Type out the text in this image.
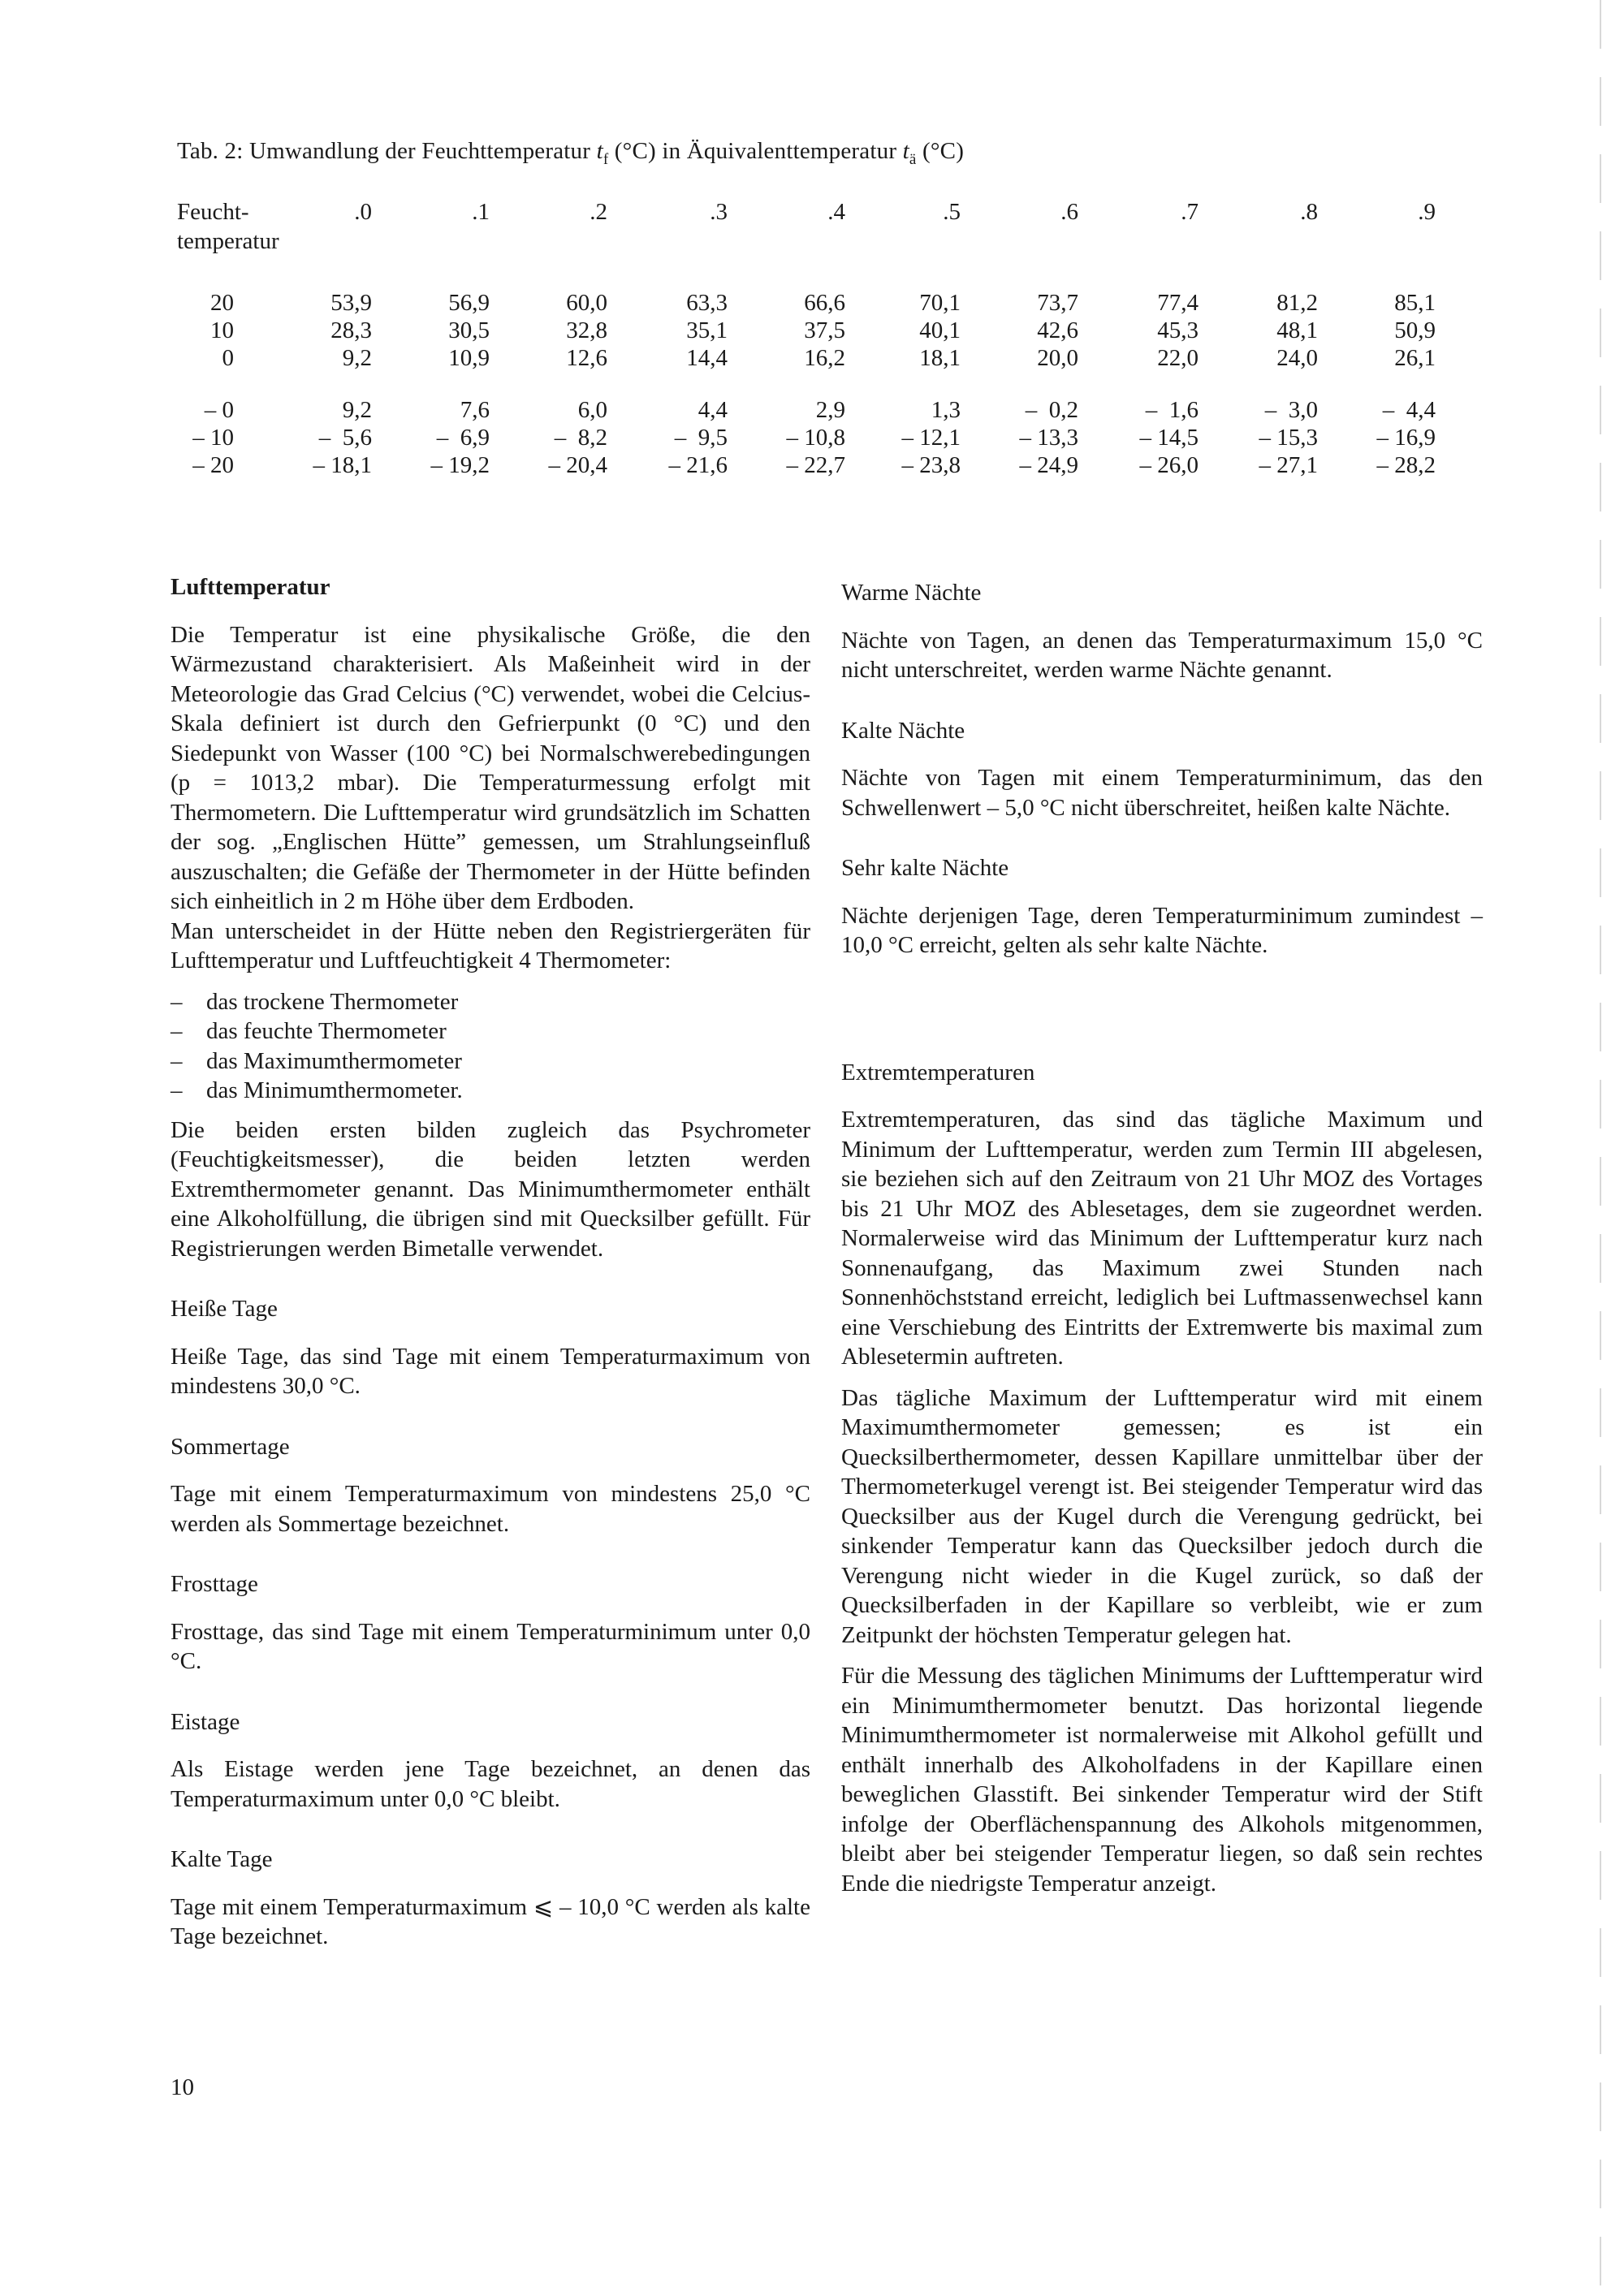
Tab. 2: Umwandlung der Feuchttemperatur $t_f$ (°C) in Äquivalenttemperatur $t_ä$ (°C)
Feucht-
temperatur
.0	.1	.2	.3	.4	.5	.6	.7	.8	.9
20	53,9	56,9	60,0	63,3	66,6	70,1	73,7	77,4	81,2	85,1
10	28,3	30,5	32,8	35,1	37,5	40,1	42,6	45,3	48,1	50,9
0	9,2	10,9	12,6	14,4	16,2	18,1	20,0	22,0	24,0	26,1
– 0	9,2	7,6	6,0	4,4	2,9	1,3	–  0,2	–  1,6	–  3,0	–  4,4
– 10	–  5,6	–  6,9	–  8,2	–  9,5	– 10,8	– 12,1	– 13,3	– 14,5	– 15,3	– 16,9
– 20	– 18,1	– 19,2	– 20,4	– 21,6	– 22,7	– 23,8	– 24,9	– 26,0	– 27,1	– 28,2
Lufttemperatur

Die Temperatur ist eine physikalische Größe, die den Wärmezustand charakterisiert. Als Maßeinheit wird in der Meteorologie das Grad Celcius (°C) verwendet, wobei die Celcius-Skala definiert ist durch den Gefrierpunkt (0 °C) und den Siedepunkt von Wasser (100 °C) bei Normalschwerebedingungen (p = 1013,2 mbar). Die Temperaturmessung erfolgt mit Thermometern. Die Lufttemperatur wird grundsätzlich im Schatten der sog. „Englischen Hütte” gemessen, um Strahlungseinfluß auszuschalten; die Gefäße der Thermometer in der Hütte befinden sich einheitlich in 2 m Höhe über dem Erdboden.

Man unterscheidet in der Hütte neben den Registriergeräten für Lufttemperatur und Luftfeuchtigkeit 4 Thermometer:

– das trockene Thermometer
– das feuchte Thermometer
– das Maximumthermometer
– das Minimumthermometer.

Die beiden ersten bilden zugleich das Psychrometer (Feuchtigkeitsmesser), die beiden letzten werden Extremthermometer genannt. Das Minimumthermometer enthält eine Alkoholfüllung, die übrigen sind mit Quecksilber gefüllt. Für Registrierungen werden Bimetalle verwendet.

Heiße Tage

Heiße Tage, das sind Tage mit einem Temperaturmaximum von mindestens 30,0 °C.

Sommertage

Tage mit einem Temperaturmaximum von mindestens 25,0 °C werden als Sommertage bezeichnet.

Frosttage

Frosttage, das sind Tage mit einem Temperaturminimum unter 0,0 °C.

Eistage

Als Eistage werden jene Tage bezeichnet, an denen das Temperaturmaximum unter 0,0 °C bleibt.

Kalte Tage

Tage mit einem Temperaturmaximum ⩽ – 10,0 °C werden als kalte Tage bezeichnet.

Warme Nächte

Nächte von Tagen, an denen das Temperaturmaximum 15,0 °C nicht unterschreitet, werden warme Nächte genannt.

Kalte Nächte

Nächte von Tagen mit einem Temperaturminimum, das den Schwellenwert – 5,0 °C nicht überschreitet, heißen kalte Nächte.

Sehr kalte Nächte

Nächte derjenigen Tage, deren Temperaturminimum zumindest – 10,0 °C erreicht, gelten als sehr kalte Nächte.

Extremtemperaturen

Extremtemperaturen, das sind das tägliche Maximum und Minimum der Lufttemperatur, werden zum Termin III abgelesen, sie beziehen sich auf den Zeitraum von 21 Uhr MOZ des Vortages bis 21 Uhr MOZ des Ablesetages, dem sie zugeordnet werden. Normalerweise wird das Minimum der Lufttemperatur kurz nach Sonnenaufgang, das Maximum zwei Stunden nach Sonnenhöchststand erreicht, lediglich bei Luftmassenwechsel kann eine Verschiebung des Eintritts der Extremwerte bis maximal zum Ablesetermin auftreten.

Das tägliche Maximum der Lufttemperatur wird mit einem Maximumthermometer gemessen; es ist ein Quecksilberthermometer, dessen Kapillare unmittelbar über der Thermometerkugel verengt ist. Bei steigender Temperatur wird das Quecksilber aus der Kugel durch die Verengung gedrückt, bei sinkender Temperatur kann das Quecksilber jedoch durch die Verengung nicht wieder in die Kugel zurück, so daß der Quecksilberfaden in der Kapillare so verbleibt, wie er zum Zeitpunkt der höchsten Temperatur gelegen hat.

Für die Messung des täglichen Minimums der Lufttemperatur wird ein Minimumthermometer benutzt. Das horizontal liegende Minimumthermometer ist normalerweise mit Alkohol gefüllt und enthält innerhalb des Alkoholfadens in der Kapillare einen beweglichen Glasstift. Bei sinkender Temperatur wird der Stift infolge der Oberflächenspannung des Alkohols mitgenommen, bleibt aber bei steigender Temperatur liegen, so daß sein rechtes Ende die niedrigste Temperatur anzeigt.

10
